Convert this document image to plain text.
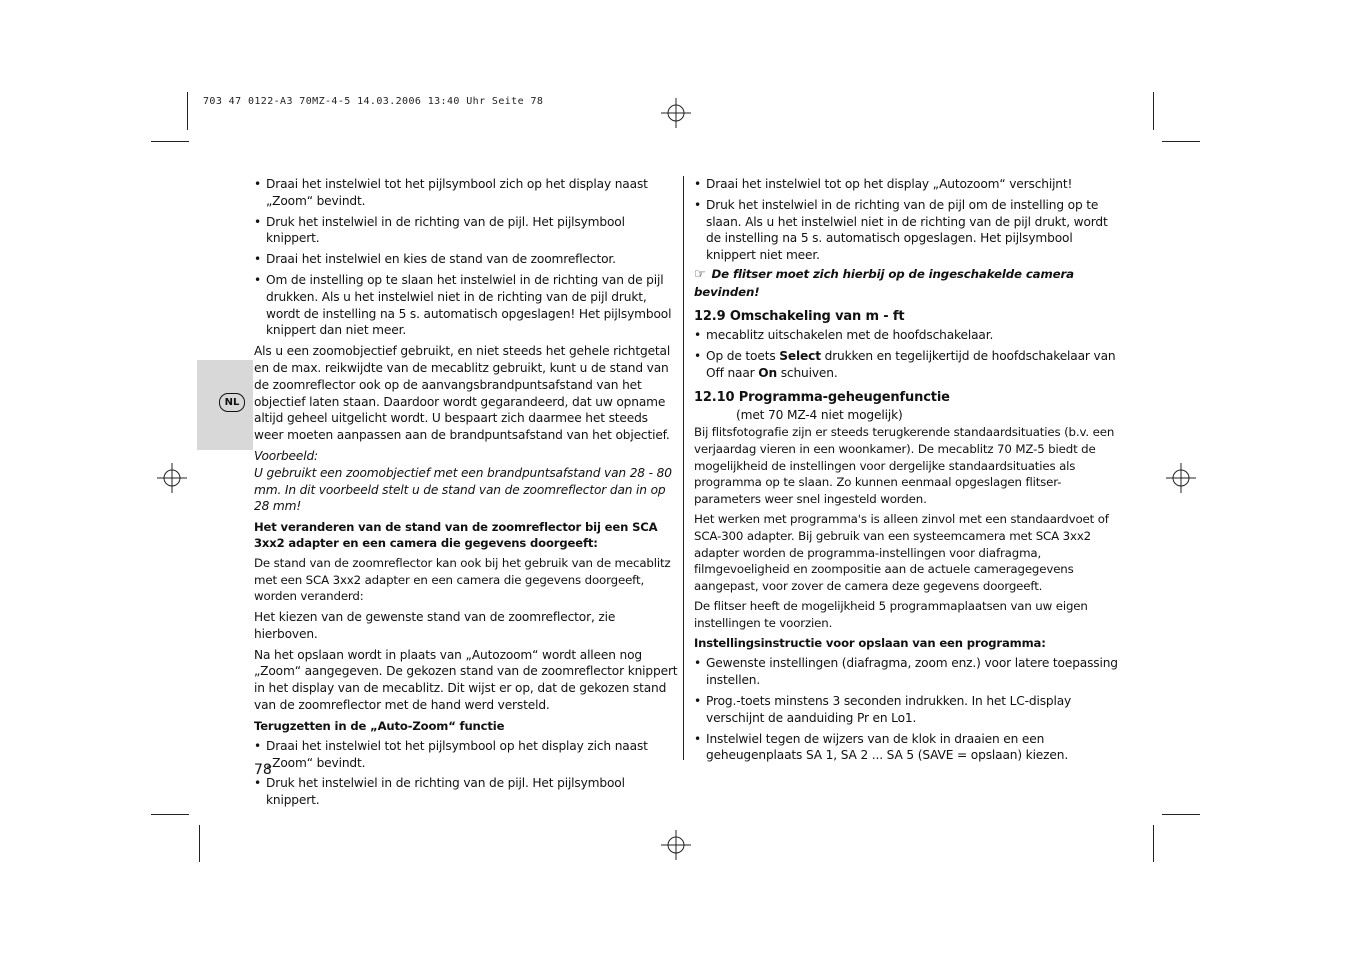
703 47 0122-A3 70MZ-4-5 14.03.2006 13:40 Uhr Seite 78
NL
• Draai het instelwiel tot het pijlsymbool zich op het display naast „Zoom“ bevindt.
• Druk het instelwiel in de richting van de pijl. Het pijlsymbool knippert.
• Draai het instelwiel en kies de stand van de zoomreflector.
• Om de instelling op te slaan het instelwiel in de richting van de pijl drukken. Als u het instelwiel niet in de richting van de pijl drukt, wordt de instelling na 5 s. automatisch opgeslagen! Het pijlsymbool knippert dan niet meer.

Als u een zoomobjectief gebruikt, en niet steeds het gehele richtgetal en de max. reikwijdte van de mecablitz gebruikt, kunt u de stand van de zoomreflector ook op de aanvangsbrandpuntsafstand van het objectief laten staan. Daardoor wordt gegarandeerd, dat uw opname altijd geheel uitgelicht wordt. U bespaart zich daarmee het steeds weer moeten aanpassen aan de brandpuntsafstand van het objectief.

Voorbeeld:

U gebruikt een zoomobjectief met een brandpuntsafstand van 28 - 80 mm. In dit voorbeeld stelt u de stand van de zoomreflector dan in op 28 mm!

Het veranderen van de stand van de zoomreflector bij een SCA 3xx2 adapter en een camera die gegevens doorgeeft:

De stand van de zoomreflector kan ook bij het gebruik van de mecablitz met een SCA 3xx2 adapter en een camera die gegevens doorgeeft, worden veranderd:

Het kiezen van de gewenste stand van de zoomreflector, zie hierboven.

Na het opslaan wordt in plaats van „Autozoom“ wordt alleen nog „Zoom“ aangegeven. De gekozen stand van de zoomreflector knippert in het display van de mecablitz. Dit wijst er op, dat de gekozen stand van de zoomreflector met de hand werd versteld.

Terugzetten in de „Auto-Zoom“ functie

• Draai het instelwiel tot het pijlsymbool op het display zich naast „Zoom“ bevindt.
• Druk het instelwiel in de richting van de pijl. Het pijlsymbool knippert.
• Draai het instelwiel tot op het display „Autozoom“ verschijnt!
• Druk het instelwiel in de richting van de pijl om de instelling op te slaan. Als u het instelwiel niet in de richting van de pijl drukt, wordt de instelling na 5 s. automatisch opgeslagen. Het pijlsymbool knippert niet meer.

☞ De flitser moet zich hierbij op de ingeschakelde camera bevinden!

12.9 Omschakeling van m - ft

• mecablitz uitschakelen met de hoofdschakelaar.
• Op de toets Select drukken en tegelijkertijd de hoofdschakelaar van Off naar On schuiven.

12.10 Programma-geheugenfunctie

(met 70 MZ-4 niet mogelijk)

Bij flitsfotografie zijn er steeds terugkerende standaardsituaties (b.v. een verjaardag vieren in een woonkamer). De mecablitz 70 MZ-5 biedt de mogelijkheid de instellingen voor dergelijke standaardsituaties als programma op te slaan. Zo kunnen eenmaal opgeslagen flitser-parameters weer snel ingesteld worden.

Het werken met programma's is alleen zinvol met een standaardvoet of SCA-300 adapter. Bij gebruik van een systeemcamera met SCA 3xx2 adapter worden de programma-instellingen voor diafragma, filmgevoeligheid en zoompositie aan de actuele cameragegevens aangepast, voor zover de camera deze gegevens doorgeeft.

De flitser heeft de mogelijkheid 5 programmaplaatsen van uw eigen instellingen te voorzien.

Instellingsinstructie voor opslaan van een programma:

• Gewenste instellingen (diafragma, zoom enz.) voor latere toepassing instellen.
• Prog.-toets minstens 3 seconden indrukken. In het LC-display verschijnt de aanduiding Pr en Lo1.
• Instelwiel tegen de wijzers van de klok in draaien en een geheugenplaats SA 1, SA 2 ... SA 5 (SAVE = opslaan) kiezen.
78
